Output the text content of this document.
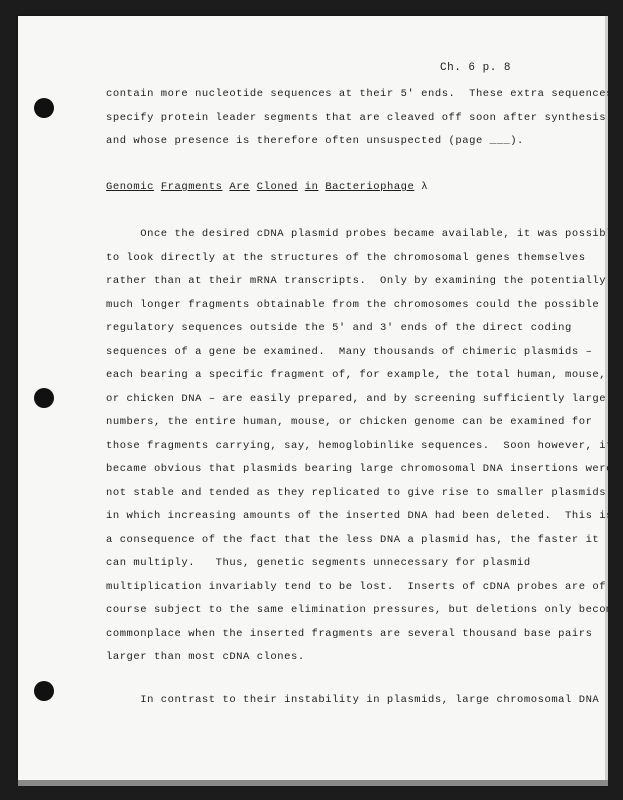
Ch. 6 p. 8
contain more nucleotide sequences at their 5' ends.  These extra sequences
specify protein leader segments that are cleaved off soon after synthesis
and whose presence is therefore often unsuspected (page ___).
Genomic Fragments Are Cloned in Bacteriophage λ
Once the desired cDNA plasmid probes became available, it was possible
to look directly at the structures of the chromosomal genes themselves
rather than at their mRNA transcripts.  Only by examining the potentially
much longer fragments obtainable from the chromosomes could the possible
regulatory sequences outside the 5' and 3' ends of the direct coding
sequences of a gene be examined.  Many thousands of chimeric plasmids –
each bearing a specific fragment of, for example, the total human, mouse,
or chicken DNA – are easily prepared, and by screening sufficiently large
numbers, the entire human, mouse, or chicken genome can be examined for
those fragments carrying, say, hemoglobinlike sequences.  Soon however, it
became obvious that plasmids bearing large chromosomal DNA insertions were
not stable and tended as they replicated to give rise to smaller plasmids
in which increasing amounts of the inserted DNA had been deleted.  This is
a consequence of the fact that the less DNA a plasmid has, the faster it
can multiply.   Thus, genetic segments unnecessary for plasmid
multiplication invariably tend to be lost.  Inserts of cDNA probes are of
course subject to the same elimination pressures, but deletions only become
commonplace when the inserted fragments are several thousand base pairs
larger than most cDNA clones.
In contrast to their instability in plasmids, large chromosomal DNA
